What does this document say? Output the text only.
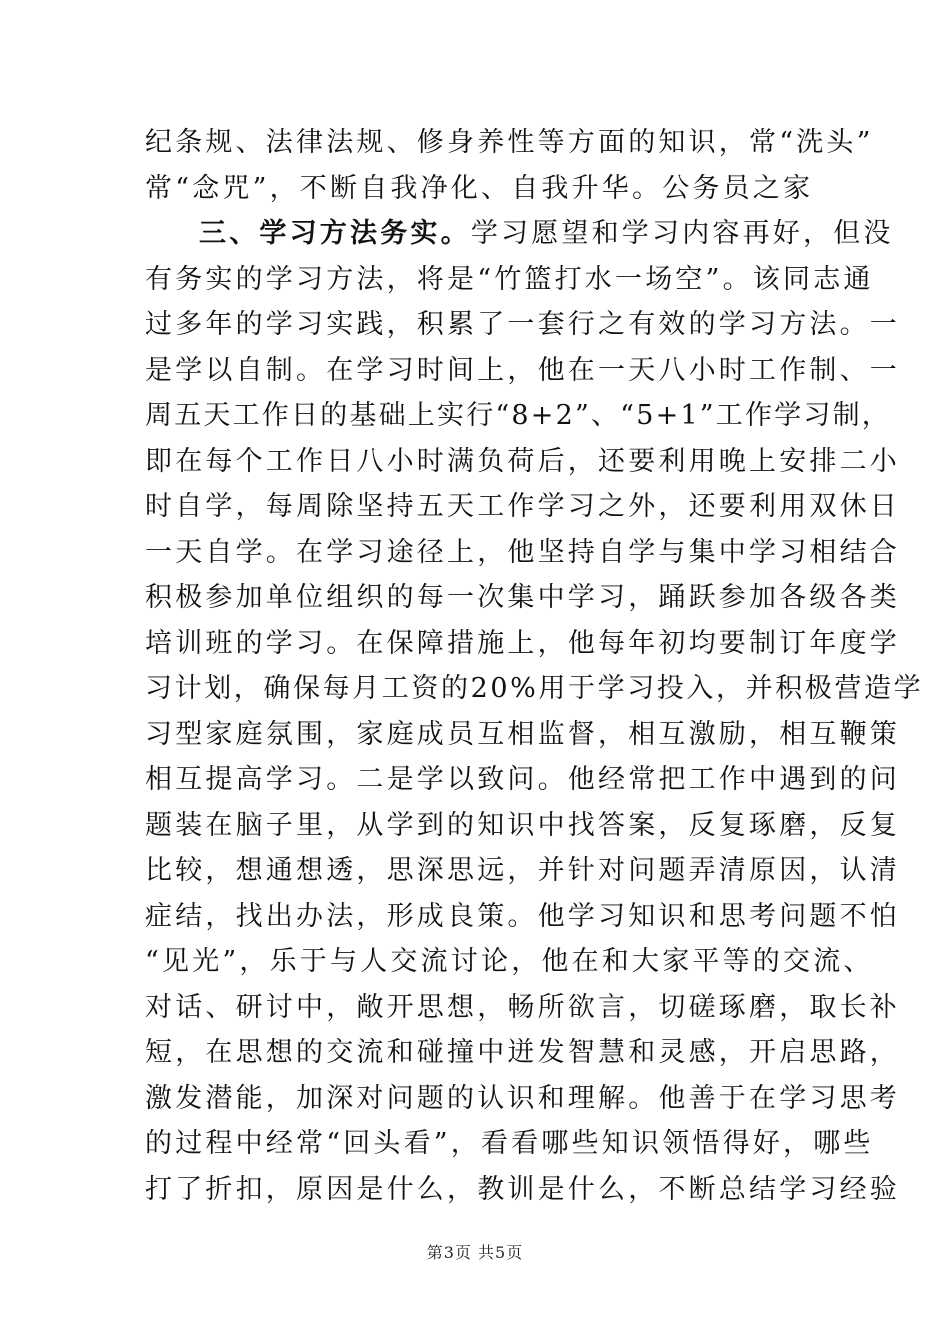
纪条规、法律法规、修身养性等方面的知识，常“洗头”
常“念咒”，不断自我净化、自我升华。公务员之家
三、学习方法务实。学习愿望和学习内容再好，但没
有务实的学习方法，将是“竹篮打水一场空”。该同志通
过多年的学习实践，积累了一套行之有效的学习方法。一
是学以自制。在学习时间上，他在一天八小时工作制、一
周五天工作日的基础上实行“8+2”、“5+1”工作学习制，
即在每个工作日八小时满负荷后，还要利用晚上安排二小
时自学，每周除坚持五天工作学习之外，还要利用双休日
一天自学。在学习途径上，他坚持自学与集中学习相结合
积极参加单位组织的每一次集中学习，踊跃参加各级各类
培训班的学习。在保障措施上，他每年初均要制订年度学
习计划，确保每月工资的20%用于学习投入，并积极营造学
习型家庭氛围，家庭成员互相监督，相互激励，相互鞭策
相互提高学习。二是学以致问。他经常把工作中遇到的问
题装在脑子里，从学到的知识中找答案，反复琢磨，反复
比较，想通想透，思深思远，并针对问题弄清原因，认清
症结，找出办法，形成良策。他学习知识和思考问题不怕
“见光”，乐于与人交流讨论，他在和大家平等的交流、
对话、研讨中，敞开思想，畅所欲言，切磋琢磨，取长补
短，在思想的交流和碰撞中迸发智慧和灵感，开启思路，
激发潜能，加深对问题的认识和理解。他善于在学习思考
的过程中经常“回头看”，看看哪些知识领悟得好，哪些
打了折扣，原因是什么，教训是什么，不断总结学习经验
第3页 共5页
